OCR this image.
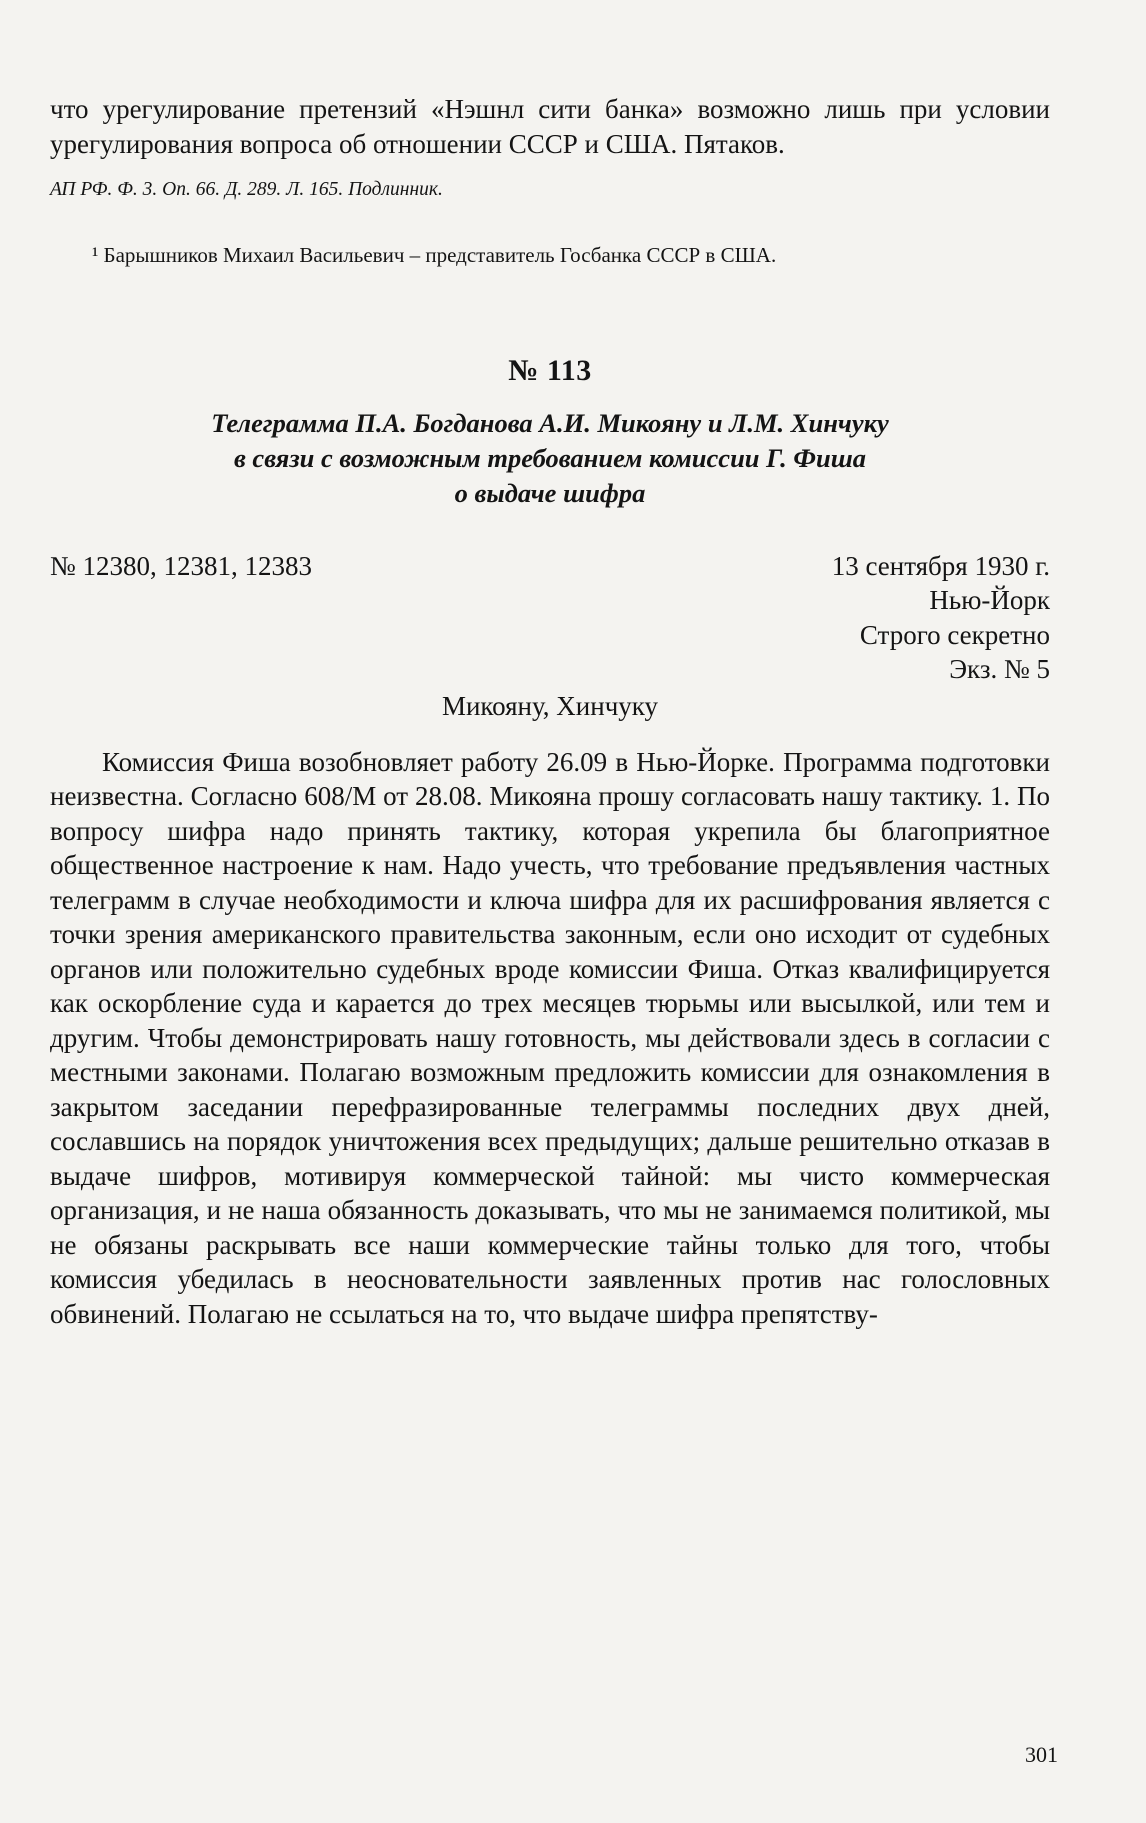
что урегулирование претензий «Нэшнл сити банка» возможно лишь при условии урегулирования вопроса об отношении СССР и США. Пятаков.

АП РФ. Ф. 3. Оп. 66. Д. 289. Л. 165. Подлинник.

¹ Барышников Михаил Васильевич – представитель Госбанка СССР в США.

№ 113
Телеграмма П.А. Богданова А.И. Микояну и Л.М. Хинчуку
в связи с возможным требованием комиссии Г. Фиша
о выдаче шифра
№ 12380, 12381, 12383	13 сентября 1930 г.
Нью-Йорк
Строго секретно
Экз. № 5
Микояну, Хинчуку

Комиссия Фиша возобновляет работу 26.09 в Нью-Йорке. Программа подготовки неизвестна. Согласно 608/М от 28.08. Микояна прошу согласовать нашу тактику. 1. По вопросу шифра надо принять тактику, которая укрепила бы благоприятное общественное настроение к нам. Надо учесть, что требование предъявления частных телеграмм в случае необходимости и ключа шифра для их расшифрования является с точки зрения американского правительства законным, если оно исходит от судебных органов или положительно судебных вроде комиссии Фиша. Отказ квалифицируется как оскорбление суда и карается до трех месяцев тюрьмы или высылкой, или тем и другим. Чтобы демонстрировать нашу готовность, мы действовали здесь в согласии с местными законами. Полагаю возможным предложить комиссии для ознакомления в закрытом заседании перефразированные телеграммы последних двух дней, сославшись на порядок уничтожения всех предыдущих; дальше решительно отказав в выдаче шифров, мотивируя коммерческой тайной: мы чисто коммерческая организация, и не наша обязанность доказывать, что мы не занимаемся политикой, мы не обязаны раскрывать все наши коммерческие тайны только для того, чтобы комиссия убедилась в неосновательности заявленных против нас голословных обвинений. Полагаю не ссылаться на то, что выдаче шифра препятству-

301
